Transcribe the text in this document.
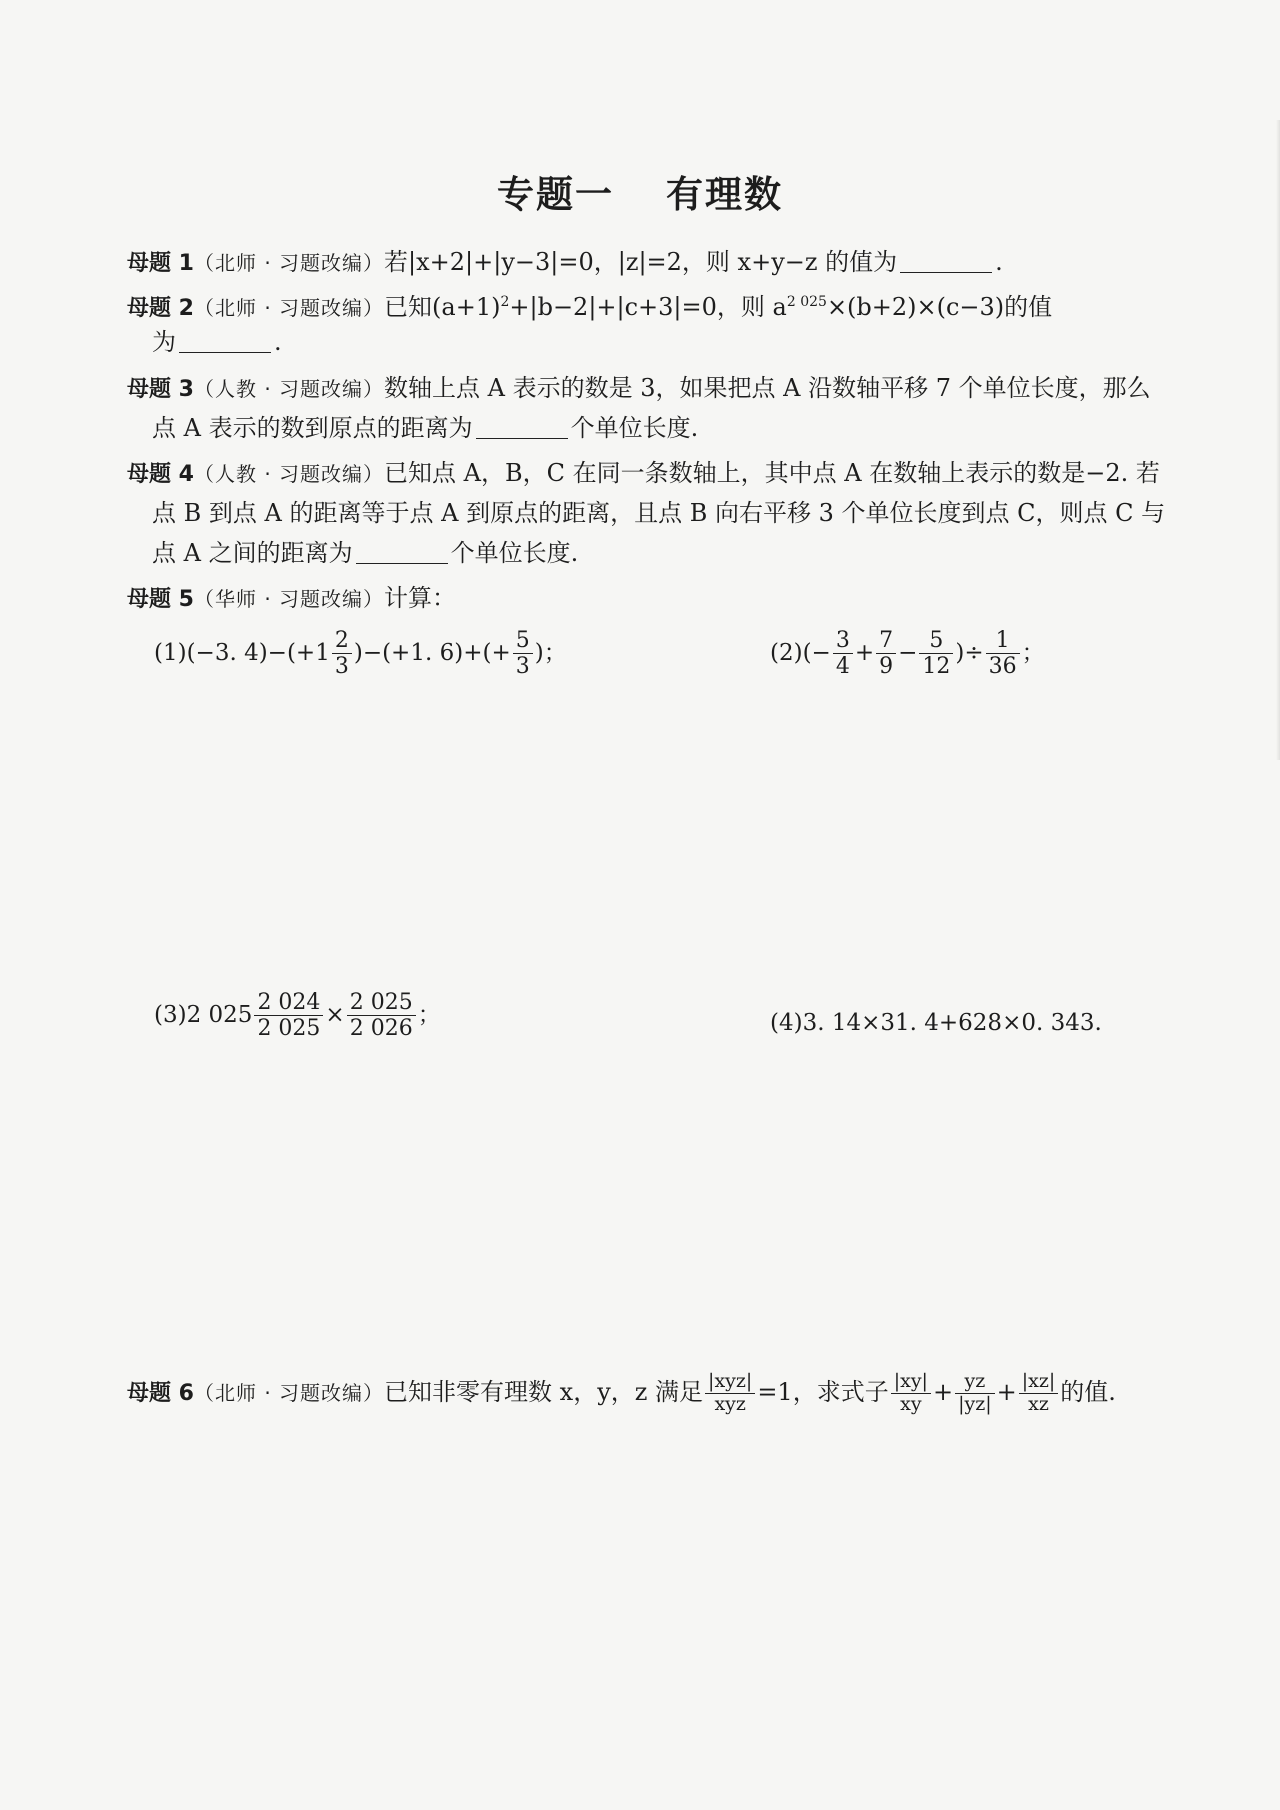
专题一 有理数
母题 1（北师 · 习题改编）若|x+2|+|y−3|=0，|z|=2，则 x+y−z 的值为	.
母题 2（北师 · 习题改编）已知$(a+1)^2+|b-2|+|c+3|=0$，则 $a^{2 025}\times(b+2)\times(c-3)$的值
为	.
母题 3（人教 · 习题改编）数轴上点 A 表示的数是 3，如果把点 A 沿数轴平移 7 个单位长度，那么
点 A 表示的数到原点的距离为	个单位长度.
母题 4（人教 · 习题改编）已知点 A，B，C 在同一条数轴上，其中点 A 在数轴上表示的数是−2. 若
点 B 到点 A 的距离等于点 A 到原点的距离，且点 B 向右平移 3 个单位长度到点 C，则点 C 与
点 A 之间的距离为	个单位长度.
母题 5（华师 · 习题改编）计算：
(1)(−3. $4)-(+1 \frac{2}{3} )-(+1$. $6)+(+ \frac{5}{3}$ )；	$(2)(- \frac{3}{4} + \frac{7}{9} - \frac{5}{12}$ )÷ $\frac{1}{36}$ ；
(3)2 $025 \frac{2 024}{2 025} \times \frac{2 025}{2 026}$ ；	(4)3. 14×31. 4+628×0. 343.
母题 6（北师 · 习题改编）已知非零有理数 x，y，z 满足 $\frac{\text{|xyz|}}{\text{xyz}} =1$，求式子 $\frac{|xy|}{xy} + \frac{yz}{|yz|} + \frac{|xz|}{xz}$ 的值.
